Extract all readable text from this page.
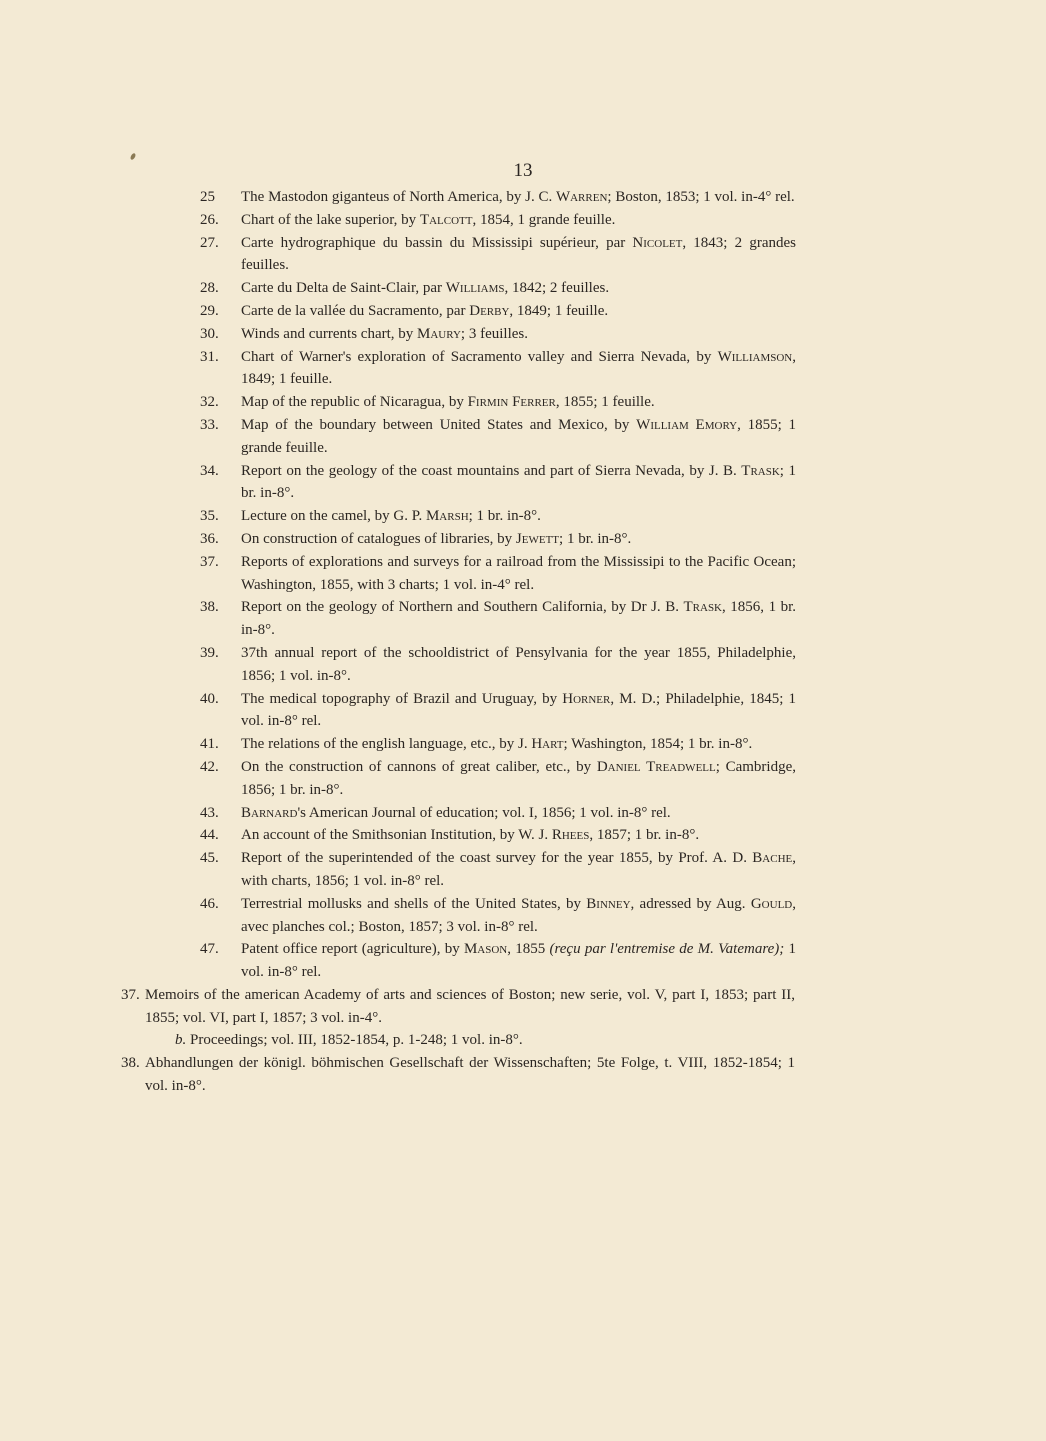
13
25 The Mastodon giganteus of North America, by J. C. Warren; Boston, 1853; 1 vol. in-4° rel.
26. Chart of the lake superior, by Talcott, 1854, 1 grande feuille.
27. Carte hydrographique du bassin du Mississipi supérieur, par Nicolet, 1843; 2 grandes feuilles.
28. Carte du Delta de Saint-Clair, par Williams, 1842; 2 feuilles.
29. Carte de la vallée du Sacramento, par Derby, 1849; 1 feuille.
30. Winds and currents chart, by Maury; 3 feuilles.
31. Chart of Warner's exploration of Sacramento valley and Sierra Nevada, by Williamson, 1849; 1 feuille.
32. Map of the republic of Nicaragua, by Firmin Ferrer, 1855; 1 feuille.
33. Map of the boundary between United States and Mexico, by William Emory, 1855; 1 grande feuille.
34. Report on the geology of the coast mountains and part of Sierra Nevada, by J. B. Trask; 1 br. in-8°.
35. Lecture on the camel, by G. P. Marsh; 1 br. in-8°.
36. On construction of catalogues of libraries, by Jewett; 1 br. in-8°.
37. Reports of explorations and surveys for a railroad from the Mississipi to the Pacific Ocean; Washington, 1855, with 3 charts; 1 vol. in-4° rel.
38. Report on the geology of Northern and Southern California, by Dr J. B. Trask, 1856, 1 br. in-8°.
39. 37th annual report of the schooldistrict of Pensylvania for the year 1855, Philadelphie, 1856; 1 vol. in-8°.
40. The medical topography of Brazil and Uruguay, by Horner, M. D.; Philadelphie, 1845; 1 vol. in-8° rel.
41. The relations of the english language, etc., by J. Hart; Washington, 1854; 1 br. in-8°.
42. On the construction of cannons of great caliber, etc., by Daniel Treadwell; Cambridge, 1856; 1 br. in-8°.
43. Barnard's American Journal of education; vol. I, 1856; 1 vol. in-8° rel.
44. An account of the Smithsonian Institution, by W. J. Rhees, 1857; 1 br. in-8°.
45. Report of the superintended of the coast survey for the year 1855, by Prof. A. D. Bache, with charts, 1856; 1 vol. in-8° rel.
46. Terrestrial mollusks and shells of the United States, by Binney, adressed by Aug. Gould, avec planches col.; Boston, 1857; 3 vol. in-8° rel.
47. Patent office report (agriculture), by Mason, 1855 (reçu par l'entremise de M. Vatemare); 1 vol. in-8° rel.
37. Memoirs of the american Academy of arts and sciences of Boston; new serie, vol. V, part I, 1853; part II, 1855; vol. VI, part I, 1857; 3 vol. in-4°.
b. Proceedings; vol. III, 1852-1854, p. 1-248; 1 vol. in-8°.
38. Abhandlungen der königl. böhmischen Gesellschaft der Wissenschaften; 5te Folge, t. VIII, 1852-1854; 1 vol. in-8°.
